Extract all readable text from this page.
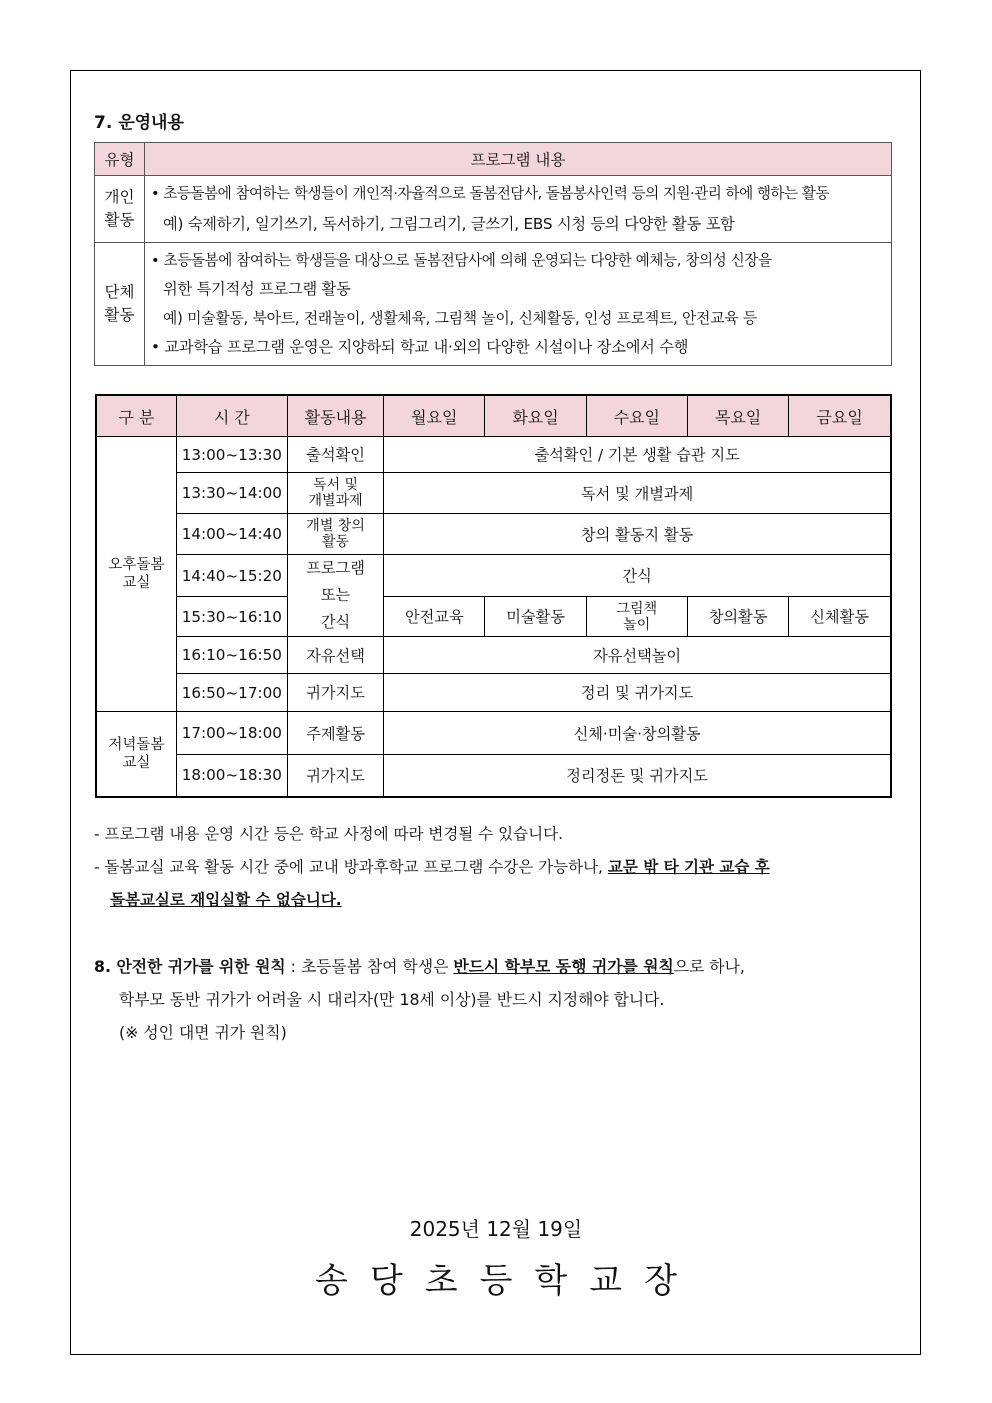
7. 운영내용
유형	프로그램 내용

개인
활동	• 초등돌봄에 참여하는 학생들이 개인적·자율적으로 돌봄전담사, 돌봄봉사인력 등의 지원·관리 하에 행하는 활동
예) 숙제하기, 일기쓰기, 독서하기, 그림그리기, 글쓰기, EBS 시청 등의 다양한 활동 포함

단체
활동	• 초등돌봄에 참여하는 학생들을 대상으로 돌봄전담사에 의해 운영되는 다양한 예체능, 창의성 신장을
위한 특기적성 프로그램 활동
예) 미술활동, 북아트, 전래놀이, 생활체육, 그림책 놀이, 신체활동, 인성 프로젝트, 안전교육 등
• 교과학습 프로그램 운영은 지양하되 학교 내·외의 다양한 시설이나 장소에서 수행
구 분	시 간	활동내용	월요일	화요일	수요일	목요일	금요일
오후돌봄 교실	13:00~13:30	출석확인	출석확인 / 기본 생활 습관 지도				
	13:30~14:00	독서 및 개별과제	독서 및 개별과제				
	14:00~14:40	개별 창의 활동	창의 활동지 활동				
	14:40~15:20	프로그램 또는 간식	간식				
	15:30~16:10		안전교육	미술활동	그림책 놀이	창의활동	신체활동
	16:10~16:50	자유선택	자유선택놀이				
	16:50~17:00	귀가지도	정리 및 귀가지도				
저녁돌봄 교실	17:00~18:00	주제활동	신체·미술·창의활동				
	18:00~18:30	귀가지도	정리정돈 및 귀가지도				
- 프로그램 내용 운영 시간 등은 학교 사정에 따라 변경될 수 있습니다.
- 돌봄교실 교육 활동 시간 중에 교내 방과후학교 프로그램 수강은 가능하나, 교문 밖 타 기관 교습 후
돌봄교실로 재입실할 수 없습니다.
8. 안전한 귀가를 위한 원칙 : 초등돌봄 참여 학생은 반드시 학부모 동행 귀가를 원칙으로 하나,
학부모 동반 귀가가 어려울 시 대리자(만 18세 이상)를 반드시 지정해야 합니다.
(※ 성인 대면 귀가 원칙)
2025년 12월 19일
송당초등학교장
